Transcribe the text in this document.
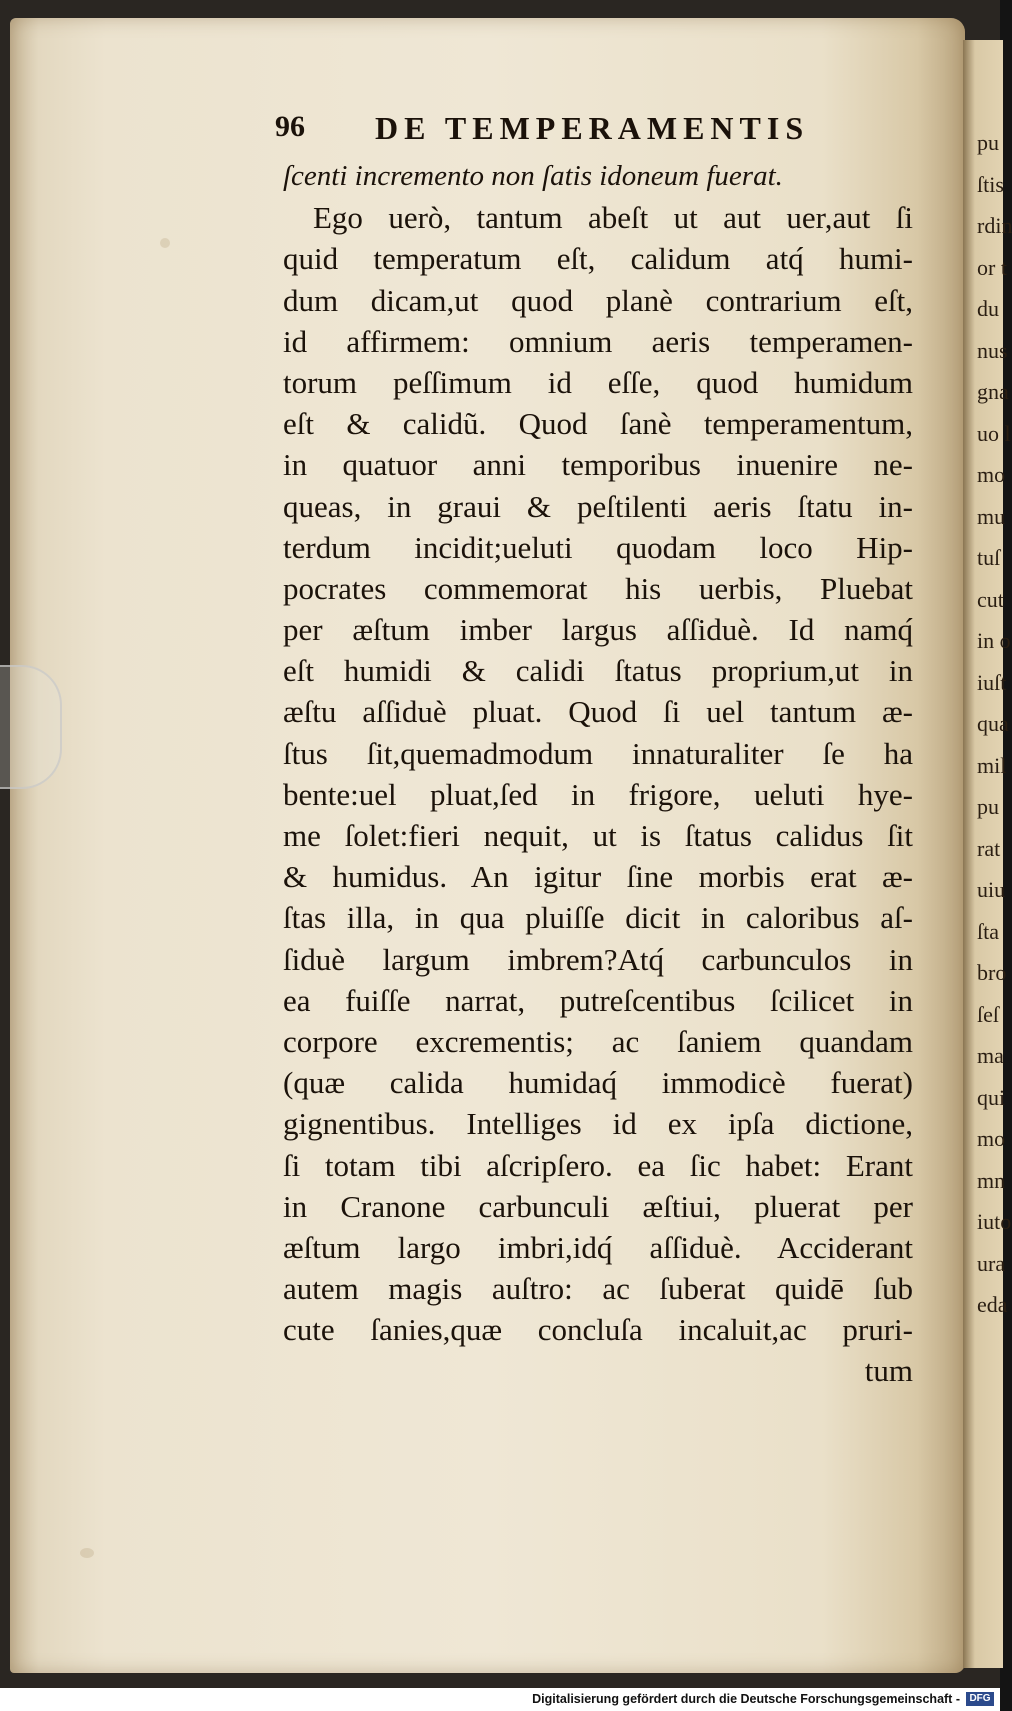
pu
ſtis
rdin
or t
du
nus
gna
uo l
mo
mu
tuſ
cut
in o
iuſt
qua
mil
pu
rat
uiu
ſta
bro
ſeſ
ma
qui
mo
mn
iuto
ura
eda
96 DE TEMPERAMENTIS
ſcenti incremento non ſatis idoneum fuerat.
Ego uerò, tantum abeſt ut aut uer,aut ſi
quid temperatum eſt, calidum atq́ humi-
dum dicam,ut quod planè contrarium eſt,
id affirmem: omnium aeris temperamen-
torum peſſimum id eſſe, quod humidum
eſt & calidũ. Quod ſanè temperamentum,
in quatuor anni temporibus inuenire ne-
queas, in graui & peſtilenti aeris ſtatu in-
terdum incidit;ueluti quodam loco Hip-
pocrates commemorat his uerbis, Pluebat
per æſtum imber largus aſſiduè. Id namq́
eſt humidi & calidi ſtatus proprium,ut in
æſtu aſſiduè pluat. Quod ſi uel tantum æ-
ſtus ſit,quemadmodum innaturaliter ſe ha
bente:uel pluat,ſed in frigore, ueluti hye-
me ſolet:fieri nequit, ut is ſtatus calidus ſit
& humidus. An igitur ſine morbis erat æ-
ſtas illa, in qua pluiſſe dicit in caloribus aſ-
ſiduè largum imbrem?Atq́ carbunculos in
ea fuiſſe narrat, putreſcentibus ſcilicet in
corpore excrementis; ac ſaniem quandam
(quæ calida humidaq́ immodicè fuerat)
gignentibus. Intelliges id ex ipſa dictione,
ſi totam tibi aſcripſero. ea ſic habet: Erant
in Cranone carbunculi æſtiui, pluerat per
æſtum largo imbri,idq́ aſſiduè. Acciderant
autem magis auſtro: ac ſuberat quidē ſub
cute ſanies,quæ concluſa incaluit,ac pruri-
tum
Digitalisierung gefördert durch die Deutsche Forschungsgemeinschaft - DFG
